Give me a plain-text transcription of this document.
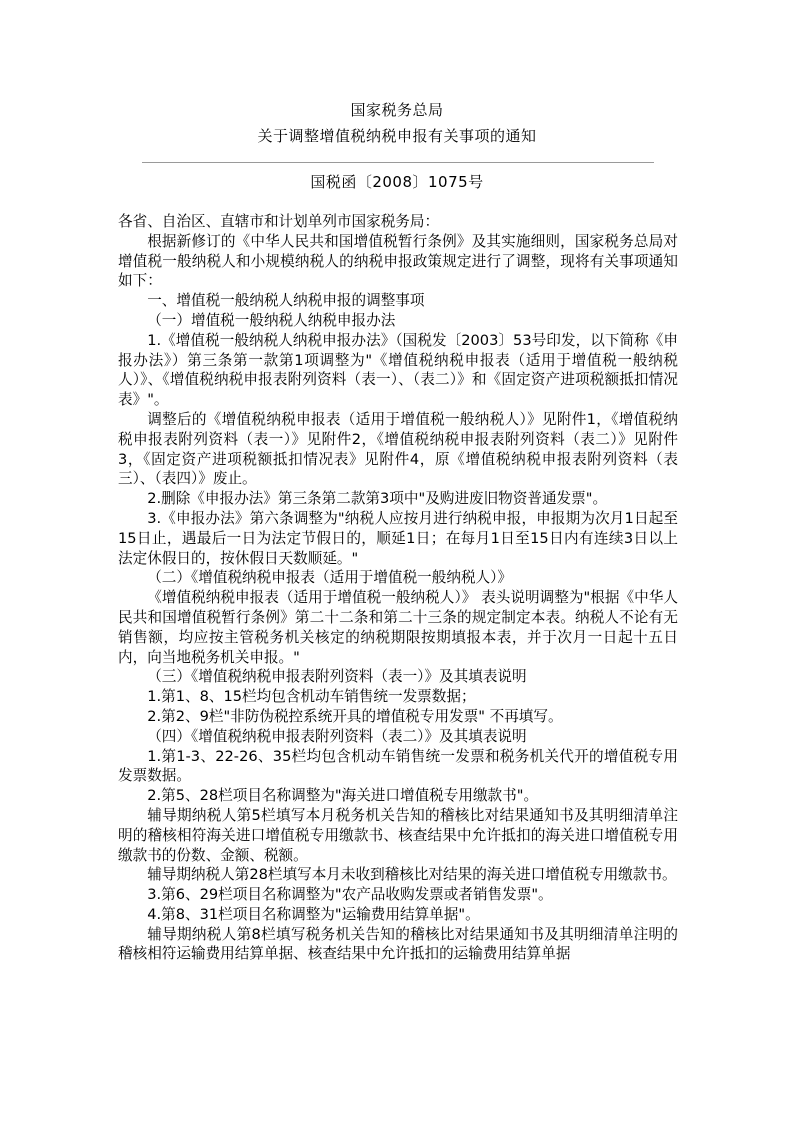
国家税务总局
关于调整增值税纳税申报有关事项的通知
国税函〔2008〕1075号

各省、自治区、直辖市和计划单列市国家税务局：

根据新修订的《中华人民共和国增值税暂行条例》及其实施细则，国家税务总局对增值税一般纳税人和小规模纳税人的纳税申报政策规定进行了调整，现将有关事项通知如下：

一、增值税一般纳税人纳税申报的调整事项

（一）增值税一般纳税人纳税申报办法

1.《增值税一般纳税人纳税申报办法》（国税发〔2003〕53号印发，以下简称《申报办法》）第三条第一款第1项调整为"《增值税纳税申报表（适用于增值税一般纳税人）》、《增值税纳税申报表附列资料（表一）、（表二）》和《固定资产进项税额抵扣情况表》"。

调整后的《增值税纳税申报表（适用于增值税一般纳税人）》见附件1，《增值税纳税申报表附列资料（表一）》见附件2，《增值税纳税申报表附列资料（表二）》见附件3，《固定资产进项税额抵扣情况表》见附件4，原《增值税纳税申报表附列资料（表三）、（表四）》废止。

2.删除《申报办法》第三条第二款第3项中"及购进废旧物资普通发票"。

3.《申报办法》第六条调整为"纳税人应按月进行纳税申报，申报期为次月1日起至15日止，遇最后一日为法定节假日的，顺延1日；在每月1日至15日内有连续3日以上法定休假日的，按休假日天数顺延。"

（二）《增值税纳税申报表（适用于增值税一般纳税人）》

《增值税纳税申报表（适用于增值税一般纳税人）》 表头说明调整为"根据《中华人民共和国增值税暂行条例》第二十二条和第二十三条的规定制定本表。纳税人不论有无销售额，均应按主管税务机关核定的纳税期限按期填报本表，并于次月一日起十五日内，向当地税务机关申报。"

（三）《增值税纳税申报表附列资料（表一）》及其填表说明

1.第1、8、15栏均包含机动车销售统一发票数据；

2.第2、9栏"非防伪税控系统开具的增值税专用发票" 不再填写。

（四）《增值税纳税申报表附列资料（表二）》及其填表说明

1.第1-3、22-26、35栏均包含机动车销售统一发票和税务机关代开的增值税专用发票数据。

2.第5、28栏项目名称调整为"海关进口增值税专用缴款书"。

辅导期纳税人第5栏填写本月税务机关告知的稽核比对结果通知书及其明细清单注明的稽核相符海关进口增值税专用缴款书、核查结果中允许抵扣的海关进口增值税专用缴款书的份数、金额、税额。

辅导期纳税人第28栏填写本月未收到稽核比对结果的海关进口增值税专用缴款书。

3.第6、29栏项目名称调整为"农产品收购发票或者销售发票"。

4.第8、31栏项目名称调整为"运输费用结算单据"。

辅导期纳税人第8栏填写税务机关告知的稽核比对结果通知书及其明细清单注明的稽核相符运输费用结算单据、核查结果中允许抵扣的运输费用结算单据
